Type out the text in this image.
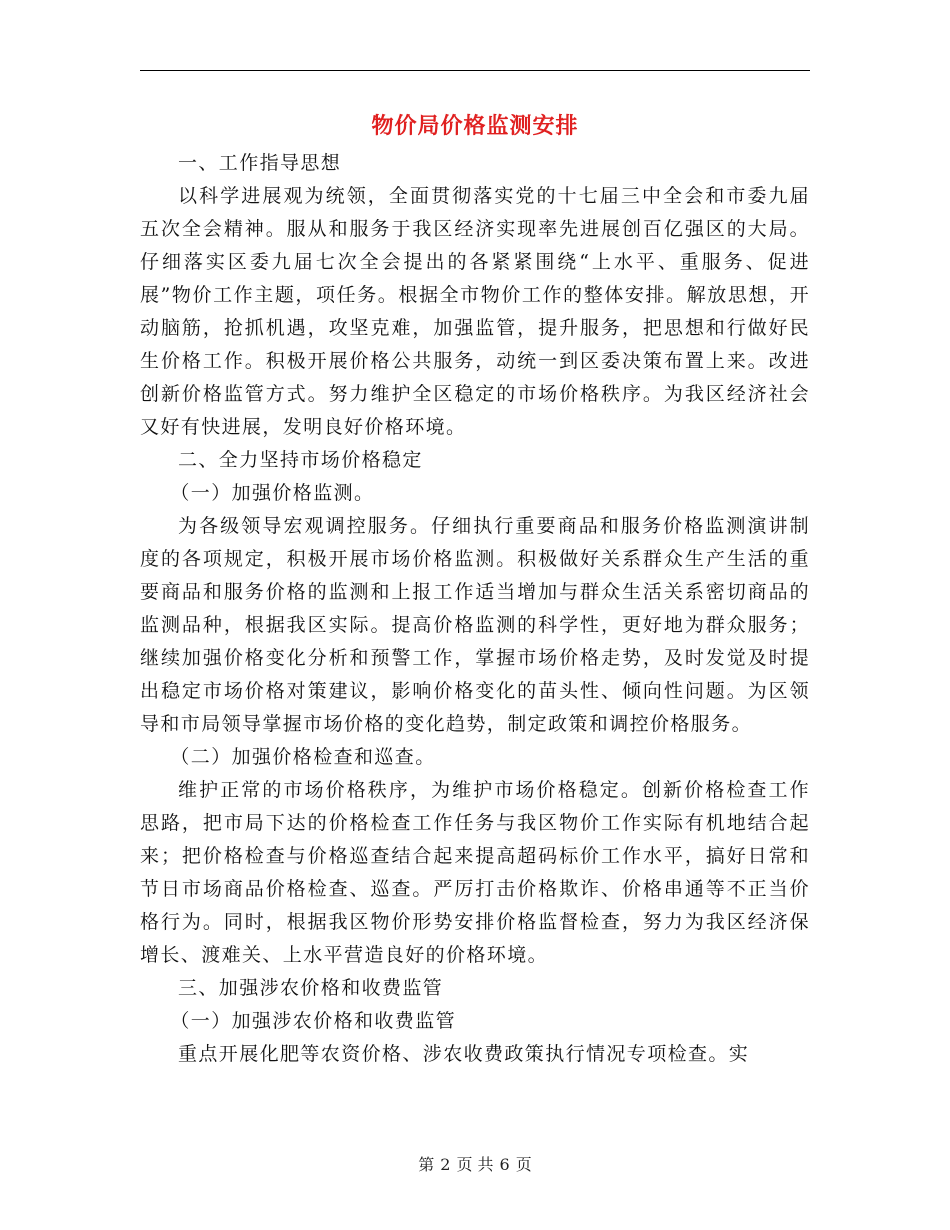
物价局价格监测安排

一、工作指导思想

以科学进展观为统领，全面贯彻落实党的十七届三中全会和市委九届五次全会精神。服从和服务于我区经济实现率先进展创百亿强区的大局。仔细落实区委九届七次全会提出的各紧紧围绕“上水平、重服务、促进展”物价工作主题，项任务。根据全市物价工作的整体安排。解放思想，开动脑筋，抢抓机遇，攻坚克难，加强监管，提升服务，把思想和行做好民生价格工作。积极开展价格公共服务，动统一到区委决策布置上来。改进创新价格监管方式。努力维护全区稳定的市场价格秩序。为我区经济社会又好有快进展，发明良好价格环境。

二、全力坚持市场价格稳定

（一）加强价格监测。

为各级领导宏观调控服务。仔细执行重要商品和服务价格监测演讲制度的各项规定，积极开展市场价格监测。积极做好关系群众生产生活的重要商品和服务价格的监测和上报工作适当增加与群众生活关系密切商品的监测品种，根据我区实际。提高价格监测的科学性，更好地为群众服务；继续加强价格变化分析和预警工作，掌握市场价格走势，及时发觉及时提出稳定市场价格对策建议，影响价格变化的苗头性、倾向性问题。为区领导和市局领导掌握市场价格的变化趋势，制定政策和调控价格服务。

（二）加强价格检查和巡查。

维护正常的市场价格秩序，为维护市场价格稳定。创新价格检查工作思路，把市局下达的价格检查工作任务与我区物价工作实际有机地结合起来；把价格检查与价格巡查结合起来提高超码标价工作水平，搞好日常和节日市场商品价格检查、巡查。严厉打击价格欺诈、价格串通等不正当价格行为。同时，根据我区物价形势安排价格监督检查，努力为我区经济保增长、渡难关、上水平营造良好的价格环境。

三、加强涉农价格和收费监管

（一）加强涉农价格和收费监管

重点开展化肥等农资价格、涉农收费政策执行情况专项检查。实

第 2 页 共 6 页
